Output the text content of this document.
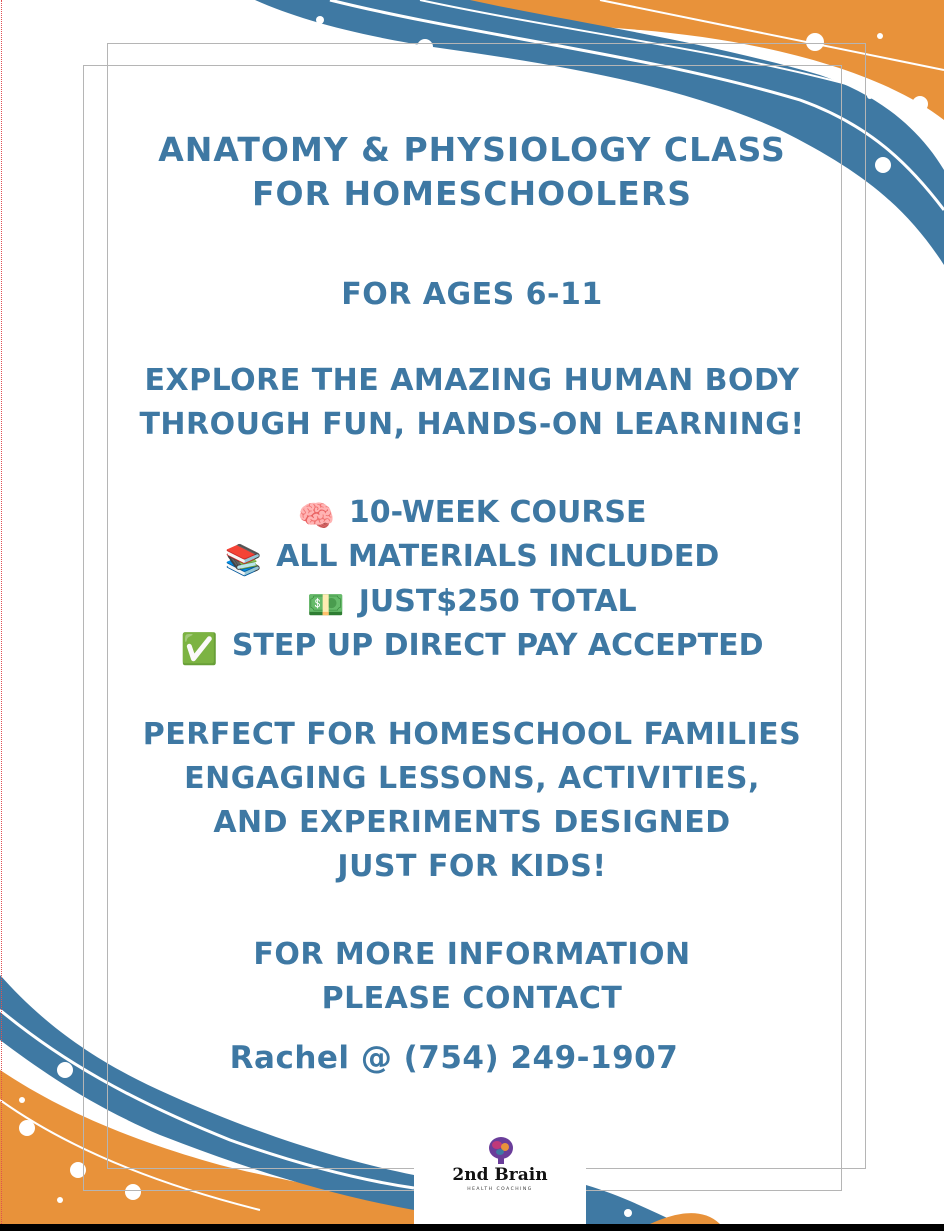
ANATOMY & PHYSIOLOGY CLASS
FOR HOMESCHOOLERS
FOR AGES 6-11
EXPLORE THE AMAZING HUMAN BODY
THROUGH FUN, HANDS-ON LEARNING!
🧠 10-WEEK COURSE
📚 ALL MATERIALS INCLUDED
💵 JUST$250 TOTAL
✅ STEP UP DIRECT PAY ACCEPTED
PERFECT FOR HOMESCHOOL FAMILIES
ENGAGING LESSONS, ACTIVITIES,
AND EXPERIMENTS DESIGNED
JUST FOR KIDS!
FOR MORE INFORMATION
PLEASE CONTACT
Rachel @ (754) 249-1907
2nd Brain
HEALTH COACHING
